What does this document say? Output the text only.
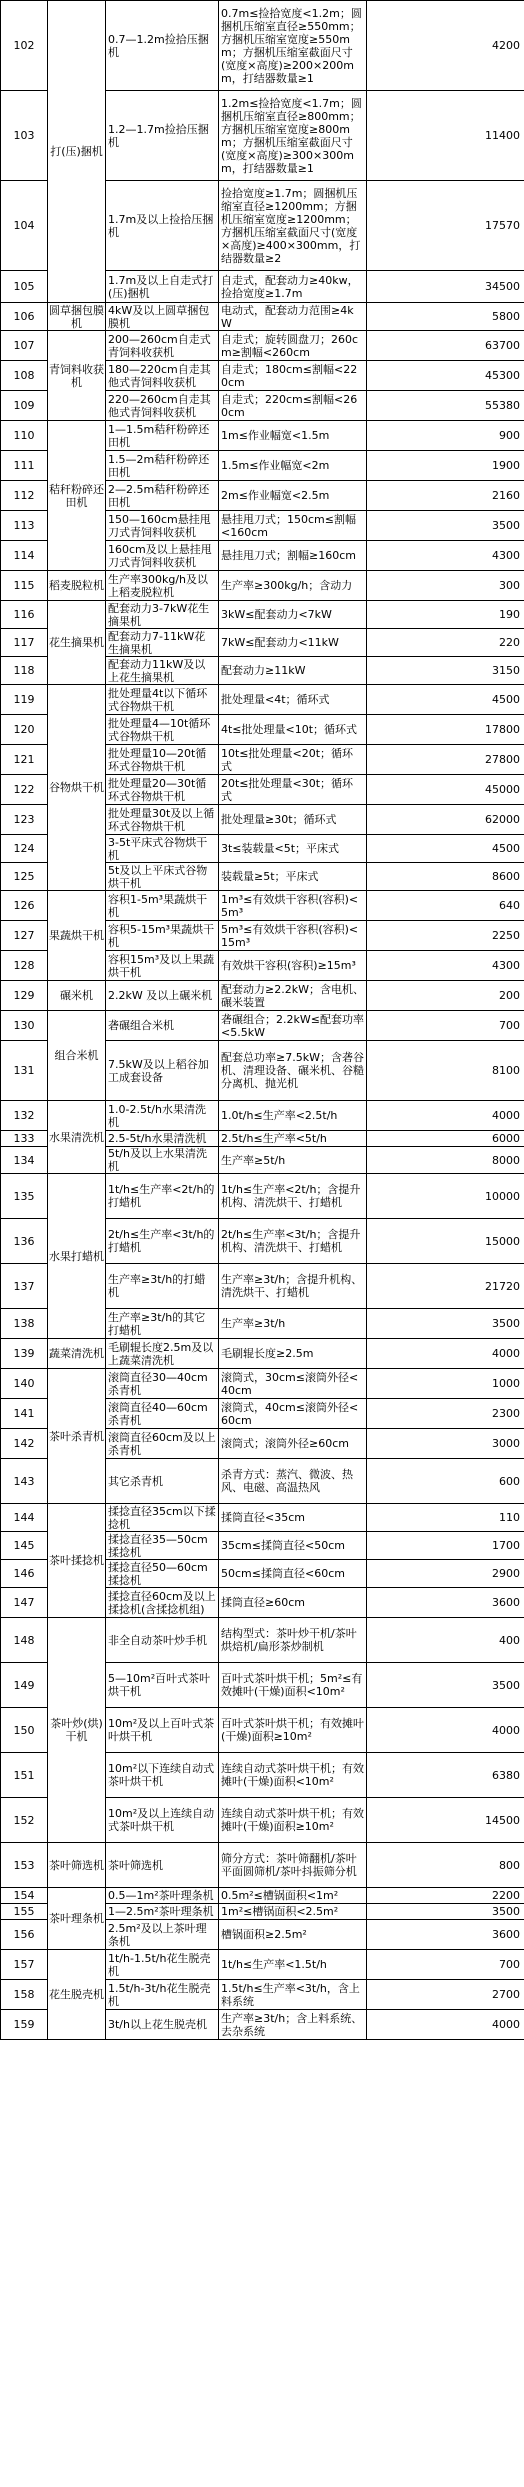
102	打(压)捆机	0.7—1.2m捡拾压捆机	0.7m≤捡拾宽度<1.2m；圆捆机压缩室直径≥550mm；方捆机压缩室宽度≥550mm；方捆机压缩室截面尺寸(宽度×高度)≥200×200mm，打结器数量≥1	4200
103		1.2—1.7m捡拾压捆机	1.2m≤捡拾宽度<1.7m；圆捆机压缩室直径≥800mm；方捆机压缩室宽度≥800mm；方捆机压缩室截面尺寸(宽度×高度)≥300×300mm，打结器数量≥1	11400
104		1.7m及以上捡拾压捆机	捡拾宽度≥1.7m；圆捆机压缩室直径≥1200mm；方捆机压缩室宽度≥1200mm；方捆机压缩室截面尺寸(宽度×高度)≥400×300mm，打结器数量≥2	17570
105		1.7m及以上自走式打(压)捆机	自走式，配套动力≥40kw，捡拾宽度≥1.7m	34500
106	圆草捆包膜机	4kW及以上圆草捆包膜机	电动式，配套动力范围≥4kW	5800
107	青饲料收获机	200—260cm自走式青饲料收获机	自走式；旋转圆盘刀；260cm≥割幅<260cm	63700
108		180—220cm自走其他式青饲料收获机	自走式；180cm≤割幅<220cm	45300
109		220—260cm自走其他式青饲料收获机	自走式；220cm≤割幅<260cm	55380
110	秸秆粉碎还田机	1—1.5m秸秆粉碎还田机	1m≤作业幅宽<1.5m	900
111		1.5—2m秸秆粉碎还田机	1.5m≤作业幅宽<2m	1900
112		2—2.5m秸秆粉碎还田机	2m≤作业幅宽<2.5m	2160
113		150—160cm悬挂甩刀式青饲料收获机	悬挂甩刀式；150cm≤割幅<160cm	3500
114		160cm及以上悬挂甩刀式青饲料收获机	悬挂甩刀式；割幅≥160cm	4300
115	稻麦脱粒机	生产率300kg/h及以上稻麦脱粒机	生产率≥300kg/h；含动力	300
116	花生摘果机	配套动力3-7kW花生摘果机	3kW≤配套动力<7kW	190
117		配套动力7-11kW花生摘果机	7kW≤配套动力<11kW	220
118		配套动力11kW及以上花生摘果机	配套动力≥11kW	3150
119	谷物烘干机	批处理量4t以下循环式谷物烘干机	批处理量<4t；循环式	4500
120		批处理量4—10t循环式谷物烘干机	4t≤批处理量<10t；循环式	17800
121		批处理量10—20t循环式谷物烘干机	10t≤批处理量<20t；循环式	27800
122		批处理量20—30t循环式谷物烘干机	20t≤批处理量<30t；循环式	45000
123		批处理量30t及以上循环式谷物烘干机	批处理量≥30t；循环式	62000
124		3-5t平床式谷物烘干机	3t≤装载量<5t；平床式	4500
125		5t及以上平床式谷物烘干机	装载量≥5t；平床式	8600
126	果蔬烘干机	容积1-5m³果蔬烘干机	1m³≤有效烘干容积(容积)<5m³	640
127		容积5-15m³果蔬烘干机	5m³≤有效烘干容积(容积)<15m³	2250
128		容积15m³及以上果蔬烘干机	有效烘干容积(容积)≥15m³	4300
129	碾米机	2.2kW 及以上碾米机	配套动力≥2.2kW；含电机、碾米装置	200
130	组合米机	砻碾组合米机	砻碾组合；2.2kW≤配套功率<5.5kW	700
131		7.5kW及以上稻谷加工成套设备	配套总功率≥7.5kW；含砻谷机、清理设备、碾米机、谷糙分离机、抛光机	8100
132	水果清洗机	1.0-2.5t/h水果清洗机	1.0t/h≤生产率<2.5t/h	4000
133		2.5-5t/h水果清洗机	2.5t/h≤生产率<5t/h	6000
134		5t/h及以上水果清洗机	生产率≥5t/h	8000
135	水果打蜡机	1t/h≤生产率<2t/h的打蜡机	1t/h≤生产率<2t/h；含提升机构、清洗烘干、打蜡机	10000
136		2t/h≤生产率<3t/h的打蜡机	2t/h≤生产率<3t/h；含提升机构、清洗烘干、打蜡机	15000
137		生产率≥3t/h的打蜡机	生产率≥3t/h；含提升机构、清洗烘干、打蜡机	21720
138		生产率≥3t/h的其它打蜡机	生产率≥3t/h	3500
139	蔬菜清洗机	毛刷辊长度2.5m及以上蔬菜清洗机	毛刷辊长度≥2.5m	4000
140	茶叶杀青机	滚筒直径30—40cm杀青机	滚筒式，30cm≤滚筒外径<40cm	1000
141		滚筒直径40—60cm杀青机	滚筒式，40cm≤滚筒外径<60cm	2300
142		滚筒直径60cm及以上杀青机	滚筒式；滚筒外径≥60cm	3000
143		其它杀青机	杀青方式：蒸汽、微波、热风、电磁、高温热风	600
144	茶叶揉捻机	揉捻直径35cm以下揉捻机	揉筒直径<35cm	110
145		揉捻直径35—50cm揉捻机	35cm≤揉筒直径<50cm	1700
146		揉捻直径50—60cm揉捻机	50cm≤揉筒直径<60cm	2900
147		揉捻直径60cm及以上揉捻机(含揉捻机组)	揉筒直径≥60cm	3600
148	茶叶炒(烘)干机	非全自动茶叶炒手机	结构型式：茶叶炒干机/茶叶烘焙机/扁形茶炒制机	400
149		5—10m²百叶式茶叶烘干机	百叶式茶叶烘干机；5m²≤有效摊叶(干燥)面积<10m²	3500
150		10m²及以上百叶式茶叶烘干机	百叶式茶叶烘干机；有效摊叶(干燥)面积≥10m²	4000
151		10m²以下连续自动式茶叶烘干机	连续自动式茶叶烘干机；有效摊叶(干燥)面积<10m²	6380
152		10m²及以上连续自动式茶叶烘干机	连续自动式茶叶烘干机；有效摊叶(干燥)面积≥10m²	14500
153	茶叶筛选机	茶叶筛选机	筛分方式：茶叶筛翻机/茶叶平面圆筛机/茶叶抖振筛分机	800
154	茶叶理条机	0.5—1m²茶叶理条机	0.5m²≤槽锅面积<1m²	2200
155		1—2.5m²茶叶理条机	1m²≤槽锅面积<2.5m²	3500
156		2.5m²及以上茶叶理条机	槽锅面积≥2.5m²	3600
157	花生脱壳机	1t/h-1.5t/h花生脱壳机	1t/h≤生产率<1.5t/h	700
158		1.5t/h-3t/h花生脱壳机	1.5t/h≤生产率<3t/h，含上料系统	2700
159		3t/h以上花生脱壳机	生产率≥3t/h；含上料系统、去杂系统	4000
